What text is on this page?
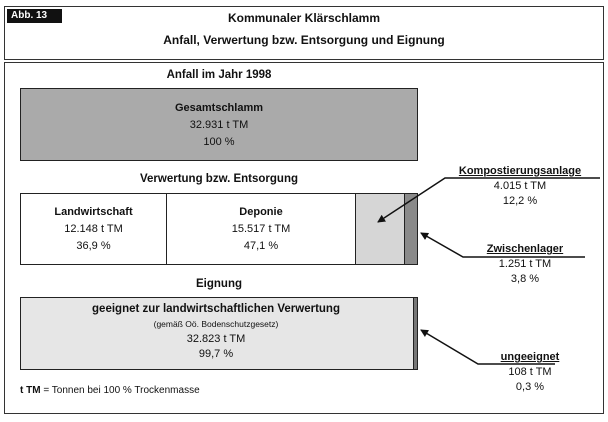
Abb. 13	Kommunaler Klärschlamm
Anfall, Verwertung bzw. Entsorgung und Eignung
Anfall im Jahr 1998
Gesamtschlamm
32.931 t TM
100 %
Verwertung bzw. Entsorgung
Landwirtschaft
12.148 t TM
36,9 %
Deponie
15.517 t TM
47,1 %
Eignung
geeignet zur landwirtschaftlichen Verwertung
(gemäß Oö. Bodenschutzgesetz)
32.823 t TM
99,7 %
t TM = Tonnen bei 100 % Trockenmasse
Kompostierungsanlage
4.015 t TM
12,2 %
Zwischenlager
1.251 t TM
3,8 %
ungeeignet
108 t TM
0,3 %
